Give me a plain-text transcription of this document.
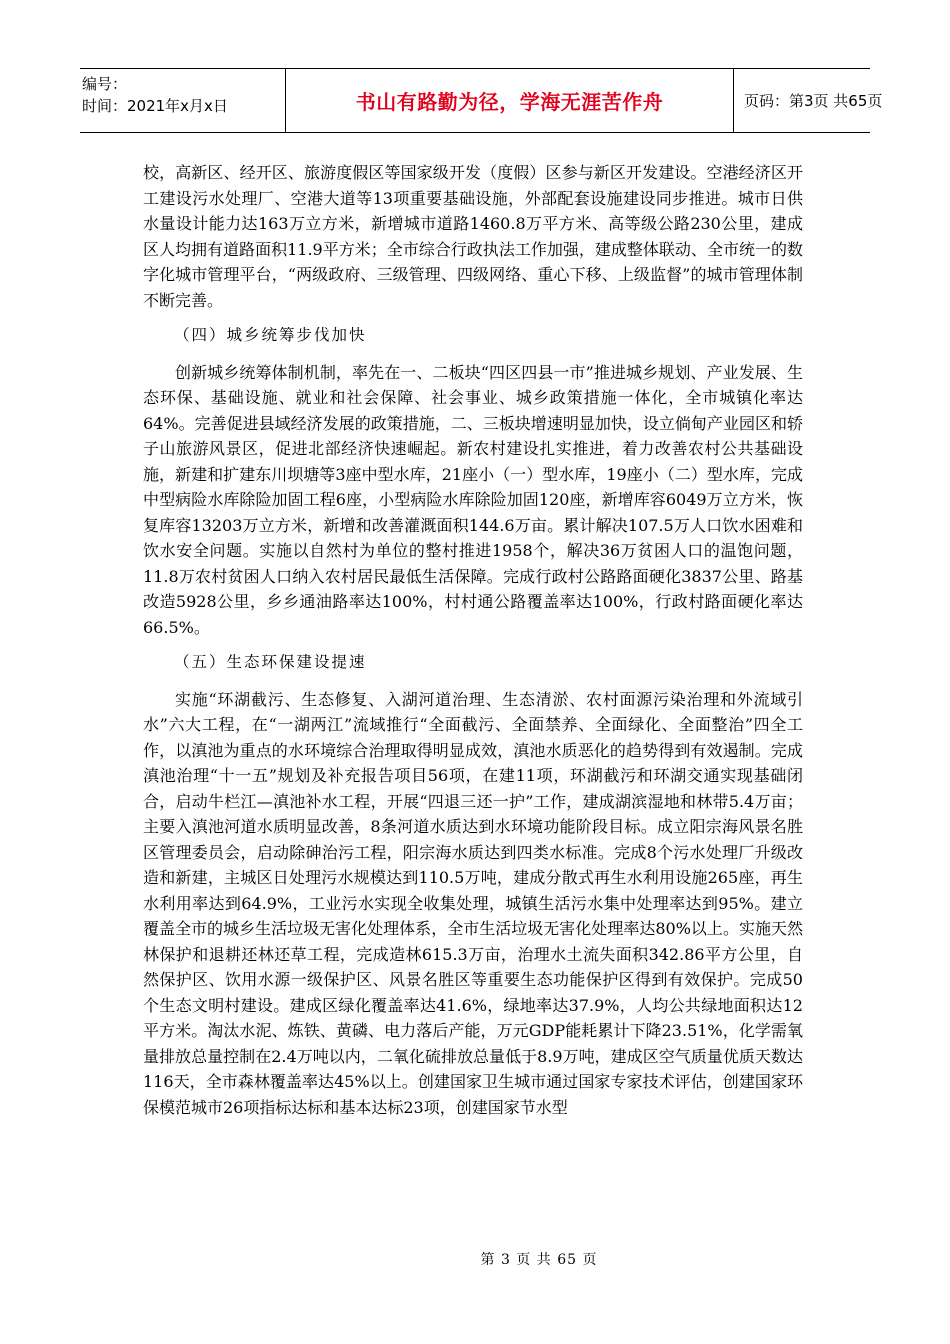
编号：
时间：2021年x月x日	书山有路勤为径，学海无涯苦作舟	页码：第3页 共65页

校，高新区、经开区、旅游度假区等国家级开发（度假）区参与新区开发建设。空港经济区开工建设污水处理厂、空港大道等13项重要基础设施，外部配套设施建设同步推进。城市日供水量设计能力达163万立方米，新增城市道路1460.8万平方米、高等级公路230公里，建成区人均拥有道路面积11.9平方米；全市综合行政执法工作加强，建成整体联动、全市统一的数字化城市管理平台，“两级政府、三级管理、四级网络、重心下移、上级监督”的城市管理体制不断完善。

（四）城乡统筹步伐加快

创新城乡统筹体制机制，率先在一、二板块“四区四县一市”推进城乡规划、产业发展、生态环保、基础设施、就业和社会保障、社会事业、城乡政策措施一体化，全市城镇化率达64%。完善促进县域经济发展的政策措施，二、三板块增速明显加快，设立倘甸产业园区和轿子山旅游风景区，促进北部经济快速崛起。新农村建设扎实推进，着力改善农村公共基础设施，新建和扩建东川坝塘等3座中型水库，21座小（一）型水库，19座小（二）型水库，完成中型病险水库除险加固工程6座，小型病险水库除险加固120座，新增库容6049万立方米，恢复库容13203万立方米，新增和改善灌溉面积144.6万亩。累计解决107.5万人口饮水困难和饮水安全问题。实施以自然村为单位的整村推进1958个，解决36万贫困人口的温饱问题，11.8万农村贫困人口纳入农村居民最低生活保障。完成行政村公路路面硬化3837公里、路基改造5928公里，乡乡通油路率达100%，村村通公路覆盖率达100%，行政村路面硬化率达66.5%。

（五）生态环保建设提速

实施“环湖截污、生态修复、入湖河道治理、生态清淤、农村面源污染治理和外流域引水”六大工程，在“一湖两江”流域推行“全面截污、全面禁养、全面绿化、全面整治”四全工作，以滇池为重点的水环境综合治理取得明显成效，滇池水质恶化的趋势得到有效遏制。完成滇池治理“十一五”规划及补充报告项目56项，在建11项，环湖截污和环湖交通实现基础闭合，启动牛栏江—滇池补水工程，开展“四退三还一护”工作，建成湖滨湿地和林带5.4万亩；主要入滇池河道水质明显改善，8条河道水质达到水环境功能阶段目标。成立阳宗海风景名胜区管理委员会，启动除砷治污工程，阳宗海水质达到四类水标准。完成8个污水处理厂升级改造和新建，主城区日处理污水规模达到110.5万吨，建成分散式再生水利用设施265座，再生水利用率达到64.9%，工业污水实现全收集处理，城镇生活污水集中处理率达到95%。建立覆盖全市的城乡生活垃圾无害化处理体系，全市生活垃圾无害化处理率达80%以上。实施天然林保护和退耕还林还草工程，完成造林615.3万亩，治理水土流失面积342.86平方公里，自然保护区、饮用水源一级保护区、风景名胜区等重要生态功能保护区得到有效保护。完成50个生态文明村建设。建成区绿化覆盖率达41.6%，绿地率达37.9%，人均公共绿地面积达12平方米。淘汰水泥、炼铁、黄磷、电力落后产能，万元GDP能耗累计下降23.51%，化学需氧量排放总量控制在2.4万吨以内，二氧化硫排放总量低于8.9万吨，建成区空气质量优质天数达116天，全市森林覆盖率达45%以上。创建国家卫生城市通过国家专家技术评估，创建国家环保模范城市26项指标达标和基本达标23项，创建国家节水型

第 3 页 共 65 页
